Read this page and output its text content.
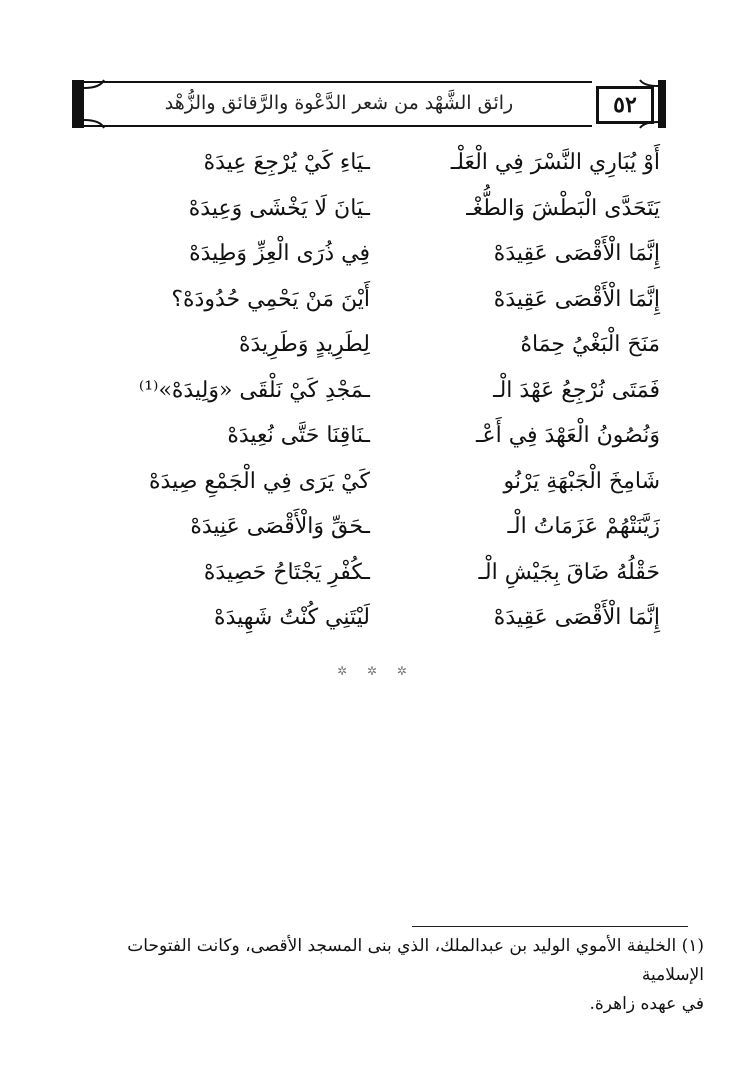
٥٢
رائق الشَّهْد من شعر الدَّعْوة والرَّقائق والزُّهْد
أَوْ يُبَارِي النَّسْرَ فِي الْعَلْـ
ـيَاءِ كَيْ يُرْجِعَ عِيدَهْ
يَتَحَدَّى الْبَطْشَ وَالطُّغْـ
ـيَانَ لَا يَخْشَى وَعِيدَهْ
إِنَّمَا الْأَقْصَى عَقِيدَهْ
فِي ذُرَى الْعِزِّ وَطِيدَهْ
إِنَّمَا الْأَقْصَى عَقِيدَهْ
أَيْنَ مَنْ يَحْمِي حُدُودَهْ؟
مَنَحَ الْبَغْيُ حِمَاهُ
لِطَرِيدٍ وَطَرِيدَهْ
فَمَتَى نُرْجِعُ عَهْدَ الْـ
ـمَجْدِ كَيْ نَلْقَى «وَلِيدَهْ»⁽¹⁾
وَنُصُونُ الْعَهْدَ فِي أَعْـ
ـنَاقِنَا حَتَّى نُعِيدَهْ
شَامِخَ الْجَبْهَةِ يَرْنُو
كَيْ يَرَى فِي الْجَمْعِ صِيدَهْ
زَيَّنَتْهُمْ عَزَمَاتُ الْـ
ـحَقِّ وَالْأَقْصَى عَنِيدَهْ
حَقْلُهُ ضَاقَ بِجَيْشِ الْـ
ـكُفْرِ يَجْتَاحُ حَصِيدَهْ
إِنَّمَا الْأَقْصَى عَقِيدَهْ
لَيْتَنِي كُنْتُ شَهِيدَهْ
✲ ✲ ✲

(١) الخليفة الأموي الوليد بن عبدالملك، الذي بنى المسجد الأقصى، وكانت الفتوحات الإسلامية

في عهده زاهرة.
